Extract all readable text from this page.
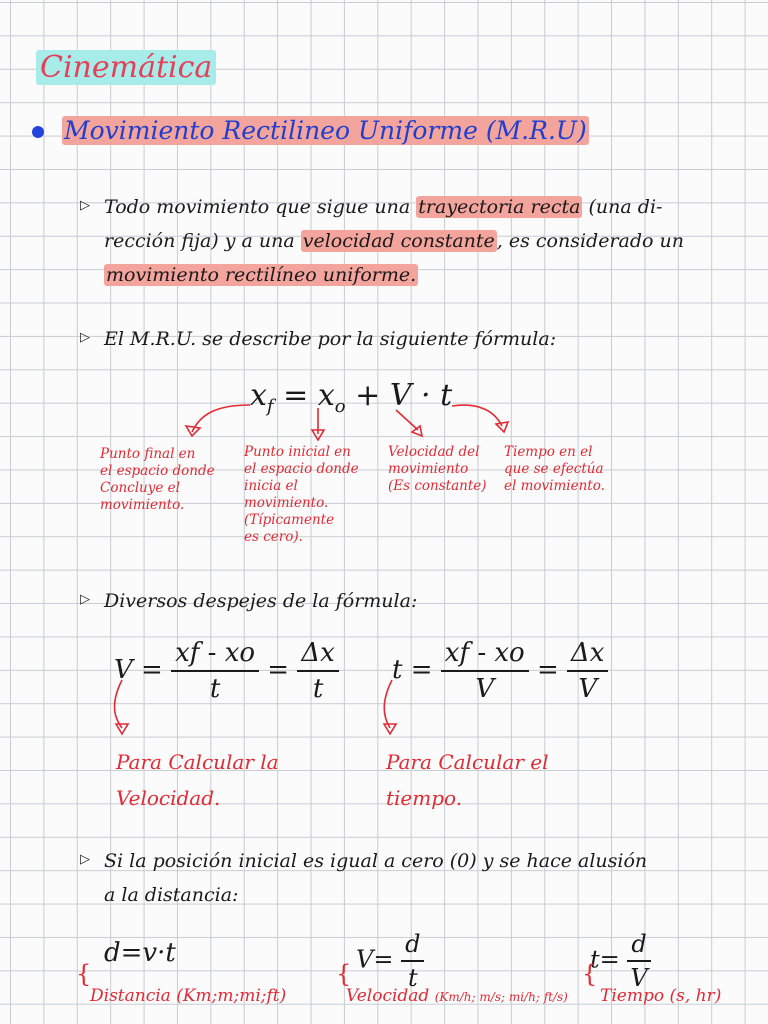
Cinemática
Movimiento Rectilineo Uniforme (M.R.U)
▷ Todo movimiento que sigue una trayectoria recta (una di-
rección fija) y a una velocidad constante , es considerado un
movimiento rectilíneo uniforme.
▷ El M.R.U. se describe por la siguiente fórmula:
$x_f = x_o + V \cdot t$
Punto final en
el espacio donde
Concluye el
movimiento.
Punto inicial en
el espacio donde
inicia el
movimiento.
(Típicamente
es cero).
Velocidad del
movimiento
(Es constante)
Tiempo en el
que se efectúa
el movimiento.
▷ Diversos despejes de la fórmula:
$V = \frac{xf - xo}{t} = \frac{\Delta x}{t}$ $t = \frac{xf - xo}{V} = \frac{\Delta x}{V}$
Para Calcular la
Velocidad.
Para Calcular el
tiempo.
▷ Si la posición inicial es igual a cero (0) y se hace alusión
a la distancia:
d=v·t	$V= \frac{d}{t}$	$t= \frac{d}{V}$
{
Distancia (Km;m;mi;ft)
{
Velocidad (Km/h; m/s; mi/h; ft/s)
{
Tiempo (s, hr)
